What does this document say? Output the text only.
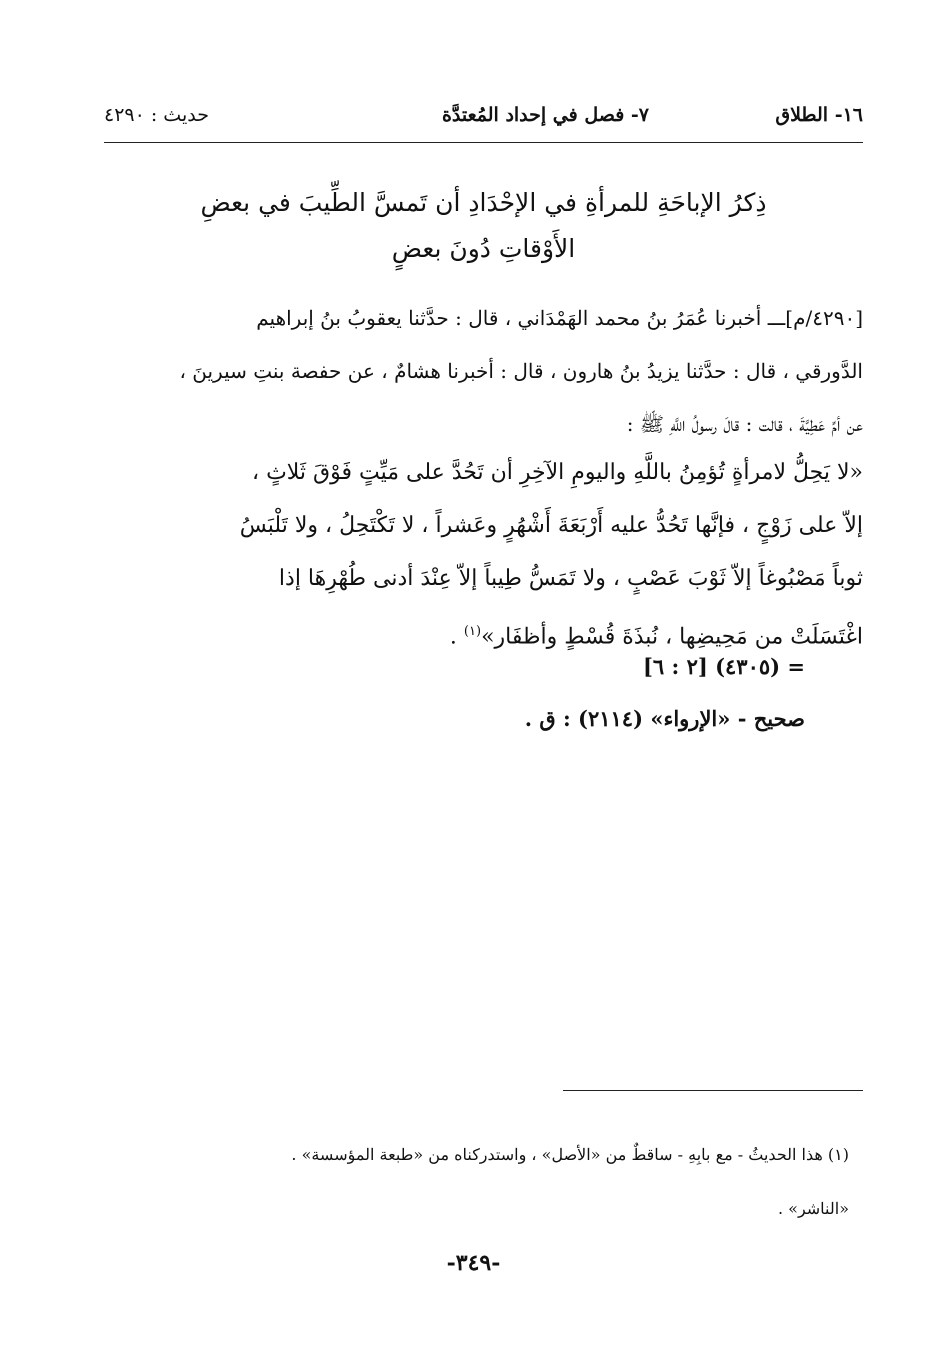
١٦- الطلاق
٧- فصل في إحداد المُعتدَّة
حديث : ٤٢٩٠
ذِكرُ الإباحَةِ للمرأةِ في الإحْدَادِ أن تَمسَّ الطِّيبَ في بعضِ
الأَوْقاتِ دُونَ بعضٍ
[٤٢٩٠/م]ـــ أخبرنا عُمَرُ بنُ محمد الهَمْدَاني ، قال : حدَّثنا يعقوبُ بنُ إبراهيم
الدَّورقي ، قال : حدَّثنا يزيدُ بنُ هارون ، قال : أخبرنا هشامٌ ، عن حفصة بنتِ سيرينَ ،
عن أمِّ عَطِيَّةَ ، قالت : قالَ رسولُ اللَّهِ ﷺ :
«لا يَحِلُّ لامرأةٍ تُؤمِنُ باللَّهِ واليومِ الآخِرِ أن تَحُدَّ على مَيِّتٍ فَوْقَ ثَلاثٍ ،
إلاّ على زَوْجٍ ، فإنَّها تَحُدُّ عليه أَرْبَعَةَ أَشْهُرٍ وعَشراً ، لا تَكْتَحِلُ ، ولا تَلْبَسُ
ثوباً مَصْبُوغاً إلاّ ثَوْبَ عَصْبٍ ، ولا تَمَسُّ طِيباً إلاّ عِنْدَ أدنى طُهْرِهَا إذا
اغْتَسَلَتْ من مَحِيضِها ، نُبذَةَ قُسْطٍ وأظفَار»$^{(١)}$ .
= (٤٣٠٥) [٢ : ٦]
صحيح - «الإرواء» (٢١١٤) : ق .
(١) هذا الحديثُ - مع بابِهِ - ساقطٌ من «الأصل» ، واستدركناه من «طبعة المؤسسة» .
«الناشر» .
-٣٤٩-
